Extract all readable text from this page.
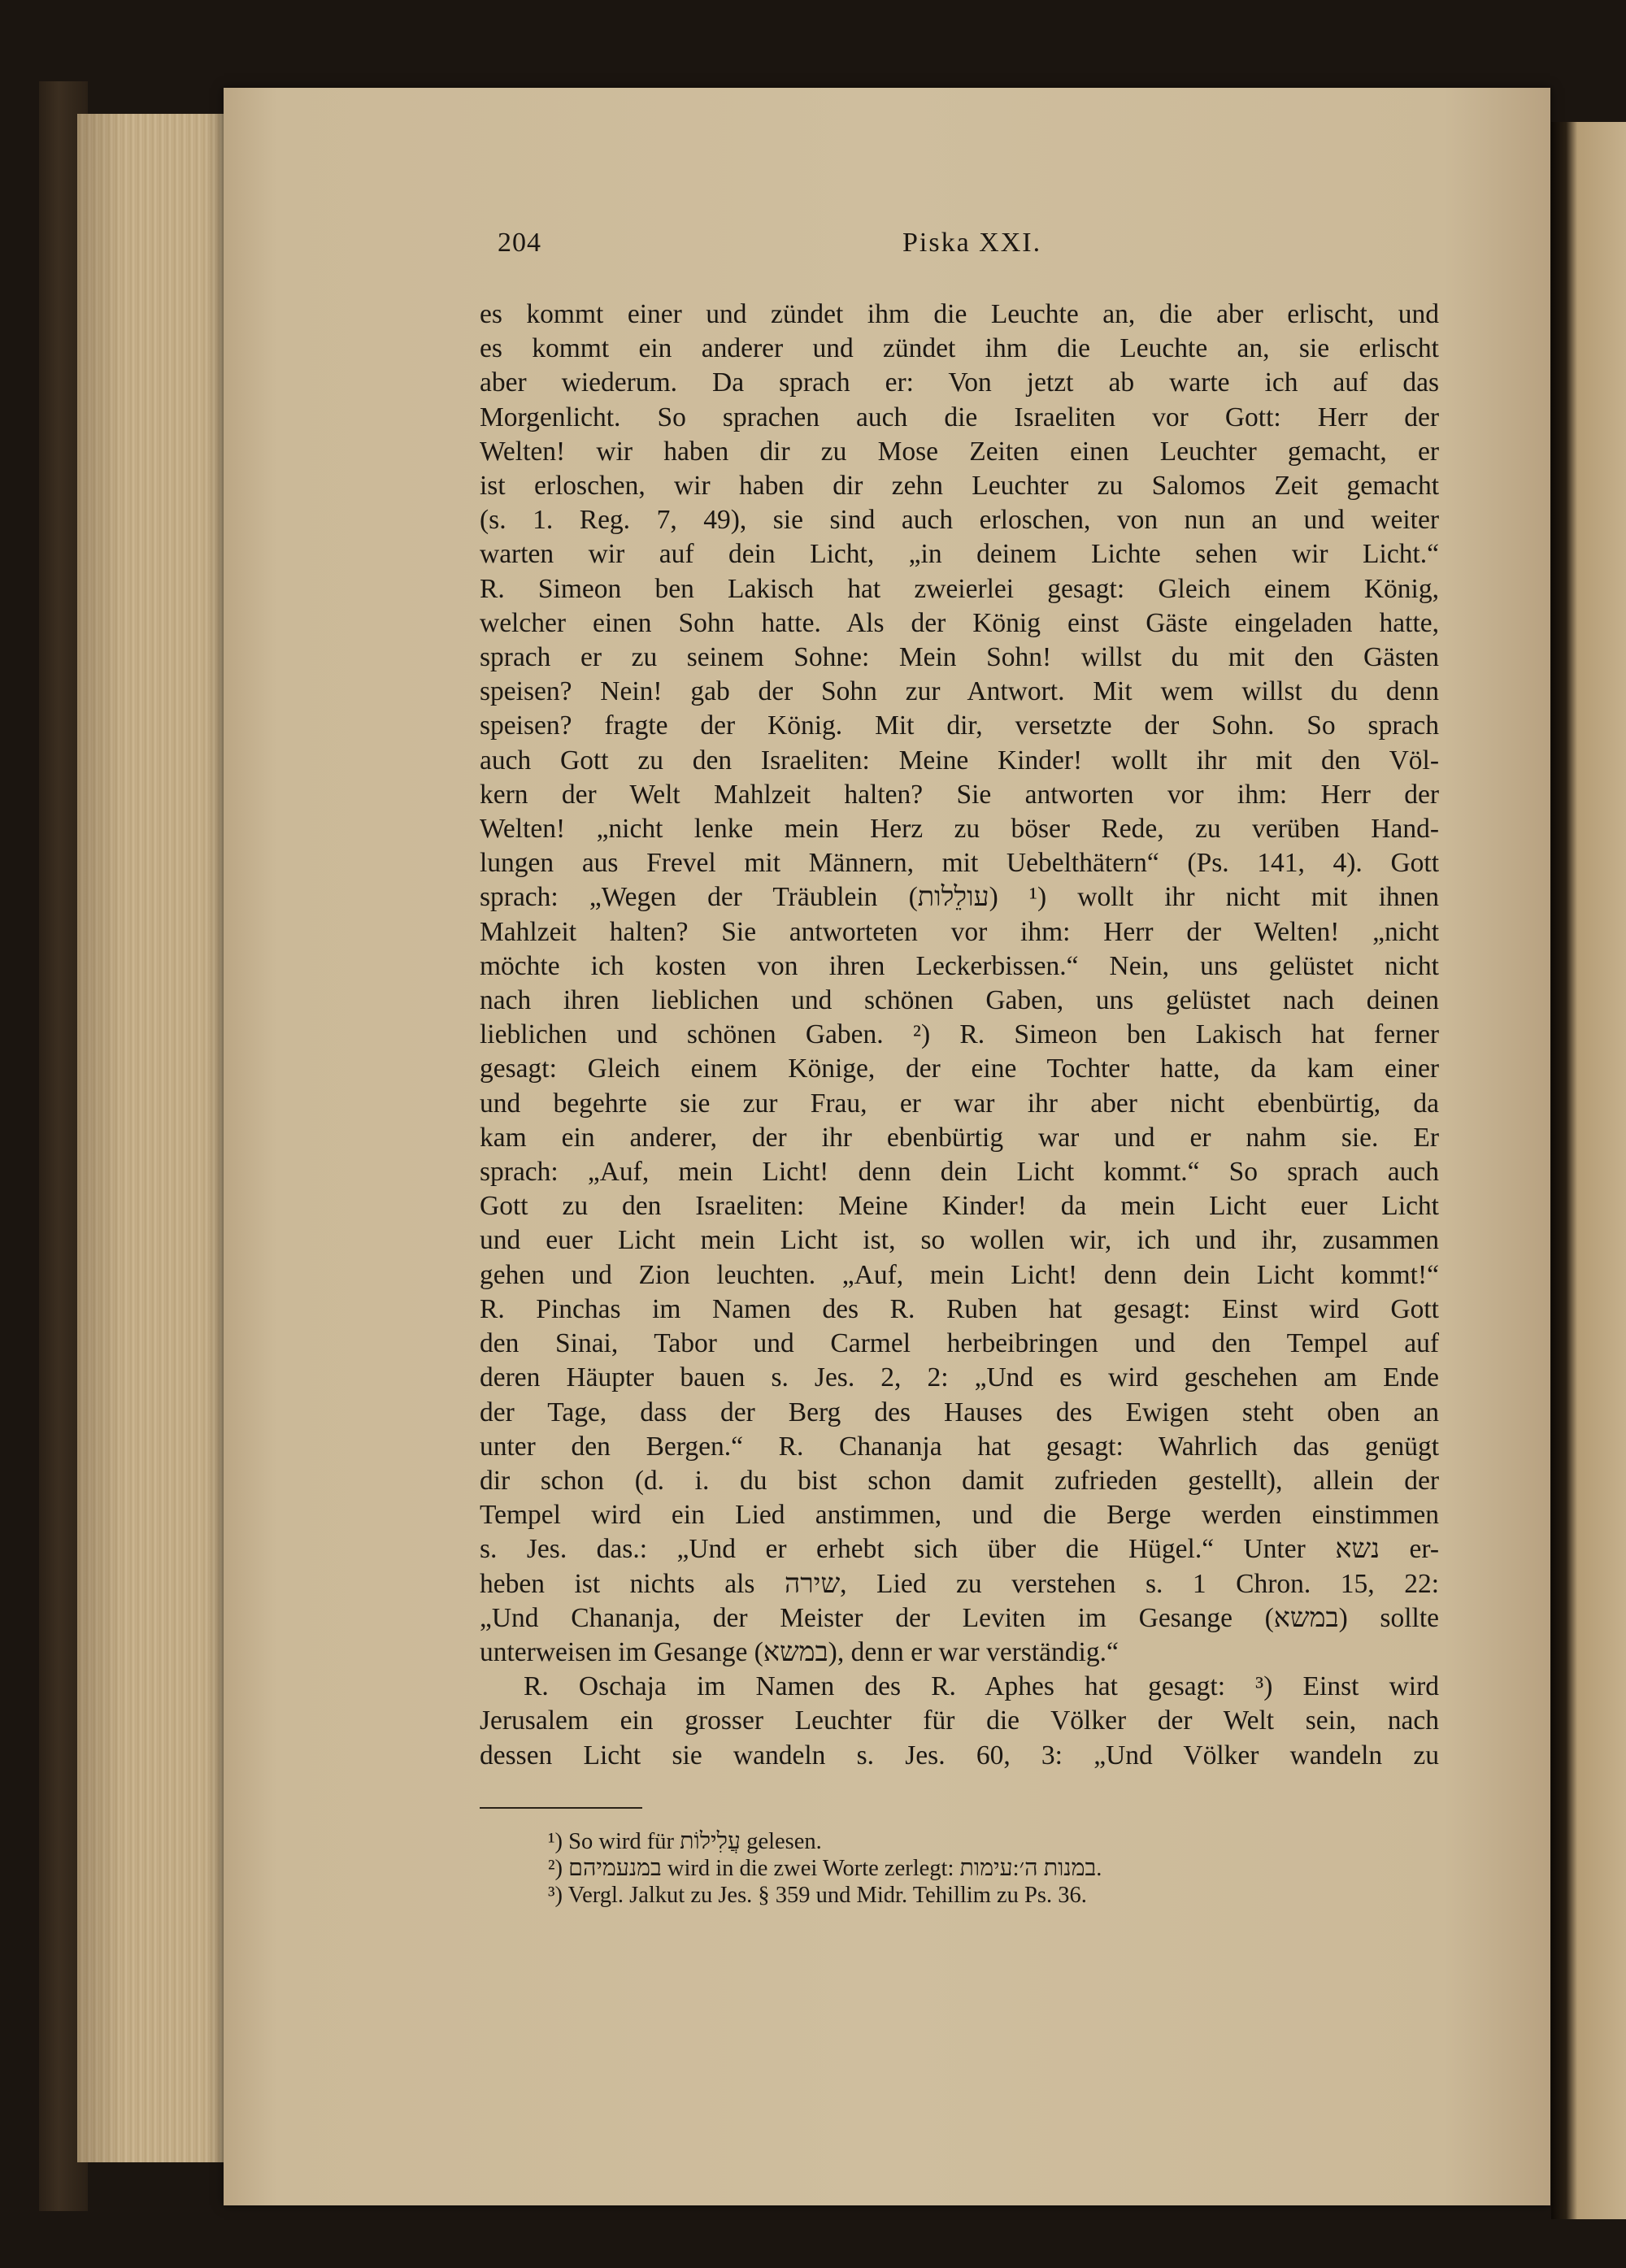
204	Piska XXI.
es kommt einer und zündet ihm die Leuchte an, die aber erlischt, und
es kommt ein anderer und zündet ihm die Leuchte an, sie erlischt
aber wiederum. Da sprach er: Von jetzt ab warte ich auf das
Morgenlicht. So sprachen auch die Israeliten vor Gott: Herr der
Welten! wir haben dir zu Mose Zeiten einen Leuchter gemacht, er
ist erloschen, wir haben dir zehn Leuchter zu Salomos Zeit gemacht
(s. 1. Reg. 7, 49), sie sind auch erloschen, von nun an und weiter
warten wir auf dein Licht, „in deinem Lichte sehen wir Licht.“
R. Simeon ben Lakisch hat zweierlei gesagt: Gleich einem König,
welcher einen Sohn hatte. Als der König einst Gäste eingeladen hatte,
sprach er zu seinem Sohne: Mein Sohn! willst du mit den Gästen
speisen? Nein! gab der Sohn zur Antwort. Mit wem willst du denn
speisen? fragte der König. Mit dir, versetzte der Sohn. So sprach
auch Gott zu den Israeliten: Meine Kinder! wollt ihr mit den Völ-
kern der Welt Mahlzeit halten? Sie antworten vor ihm: Herr der
Welten! „nicht lenke mein Herz zu böser Rede, zu verüben Hand-
lungen aus Frevel mit Männern, mit Uebelthätern“ (Ps. 141, 4). Gott
sprach: „Wegen der Träublein (עולֵלות) ¹) wollt ihr nicht mit ihnen
Mahlzeit halten? Sie antworteten vor ihm: Herr der Welten! „nicht
möchte ich kosten von ihren Leckerbissen.“ Nein, uns gelüstet nicht
nach ihren lieblichen und schönen Gaben, uns gelüstet nach deinen
lieblichen und schönen Gaben. ²) R. Simeon ben Lakisch hat ferner
gesagt: Gleich einem Könige, der eine Tochter hatte, da kam einer
und begehrte sie zur Frau, er war ihr aber nicht ebenbürtig, da
kam ein anderer, der ihr ebenbürtig war und er nahm sie. Er
sprach: „Auf, mein Licht! denn dein Licht kommt.“ So sprach auch
Gott zu den Israeliten: Meine Kinder! da mein Licht euer Licht
und euer Licht mein Licht ist, so wollen wir, ich und ihr, zusammen
gehen und Zion leuchten. „Auf, mein Licht! denn dein Licht kommt!“
R. Pinchas im Namen des R. Ruben hat gesagt: Einst wird Gott
den Sinai, Tabor und Carmel herbeibringen und den Tempel auf
deren Häupter bauen s. Jes. 2, 2: „Und es wird geschehen am Ende
der Tage, dass der Berg des Hauses des Ewigen steht oben an
unter den Bergen.“ R. Chananja hat gesagt: Wahrlich das genügt
dir schon (d. i. du bist schon damit zufrieden gestellt), allein der
Tempel wird ein Lied anstimmen, und die Berge werden einstimmen
s. Jes. das.: „Und er erhebt sich über die Hügel.“ Unter נשא er-
heben ist nichts als שירה, Lied zu verstehen s. 1 Chron. 15, 22:
„Und Chananja, der Meister der Leviten im Gesange (במשא) sollte
unterweisen im Gesange (במשא), denn er war verständig.“
R. Oschaja im Namen des R. Aphes hat gesagt: ³) Einst wird
Jerusalem ein grosser Leuchter für die Völker der Welt sein, nach
dessen Licht sie wandeln s. Jes. 60, 3: „Und Völker wandeln zu
¹) So wird für עֲלִילוֹת gelesen.
²) במנעמיהם wird in die zwei Worte zerlegt: במנות ה׳:עימות.
³) Vergl. Jalkut zu Jes. § 359 und Midr. Tehillim zu Ps. 36.
